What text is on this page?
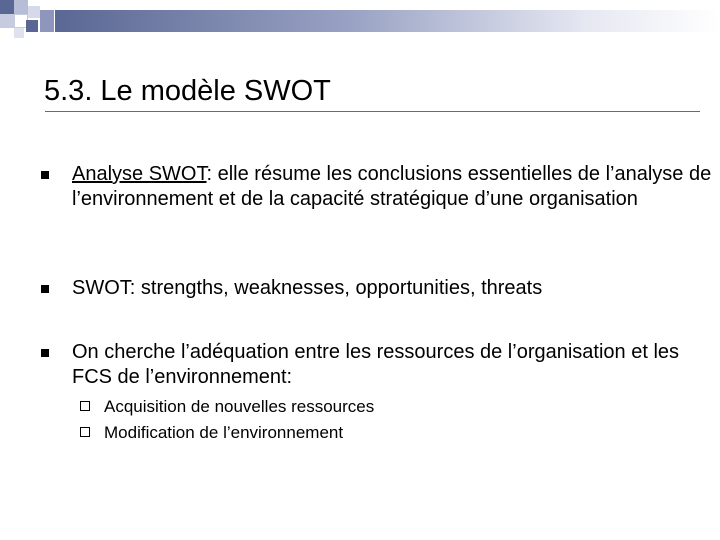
5.3. Le modèle SWOT
Analyse SWOT: elle résume les conclusions essentielles de l’analyse de l’environnement et de la capacité stratégique d’une organisation
SWOT: strengths, weaknesses, opportunities, threats
On cherche l’adéquation entre les ressources de l’organisation et les FCS de l’environnement:
Acquisition de nouvelles ressources
Modification de l’environnement
